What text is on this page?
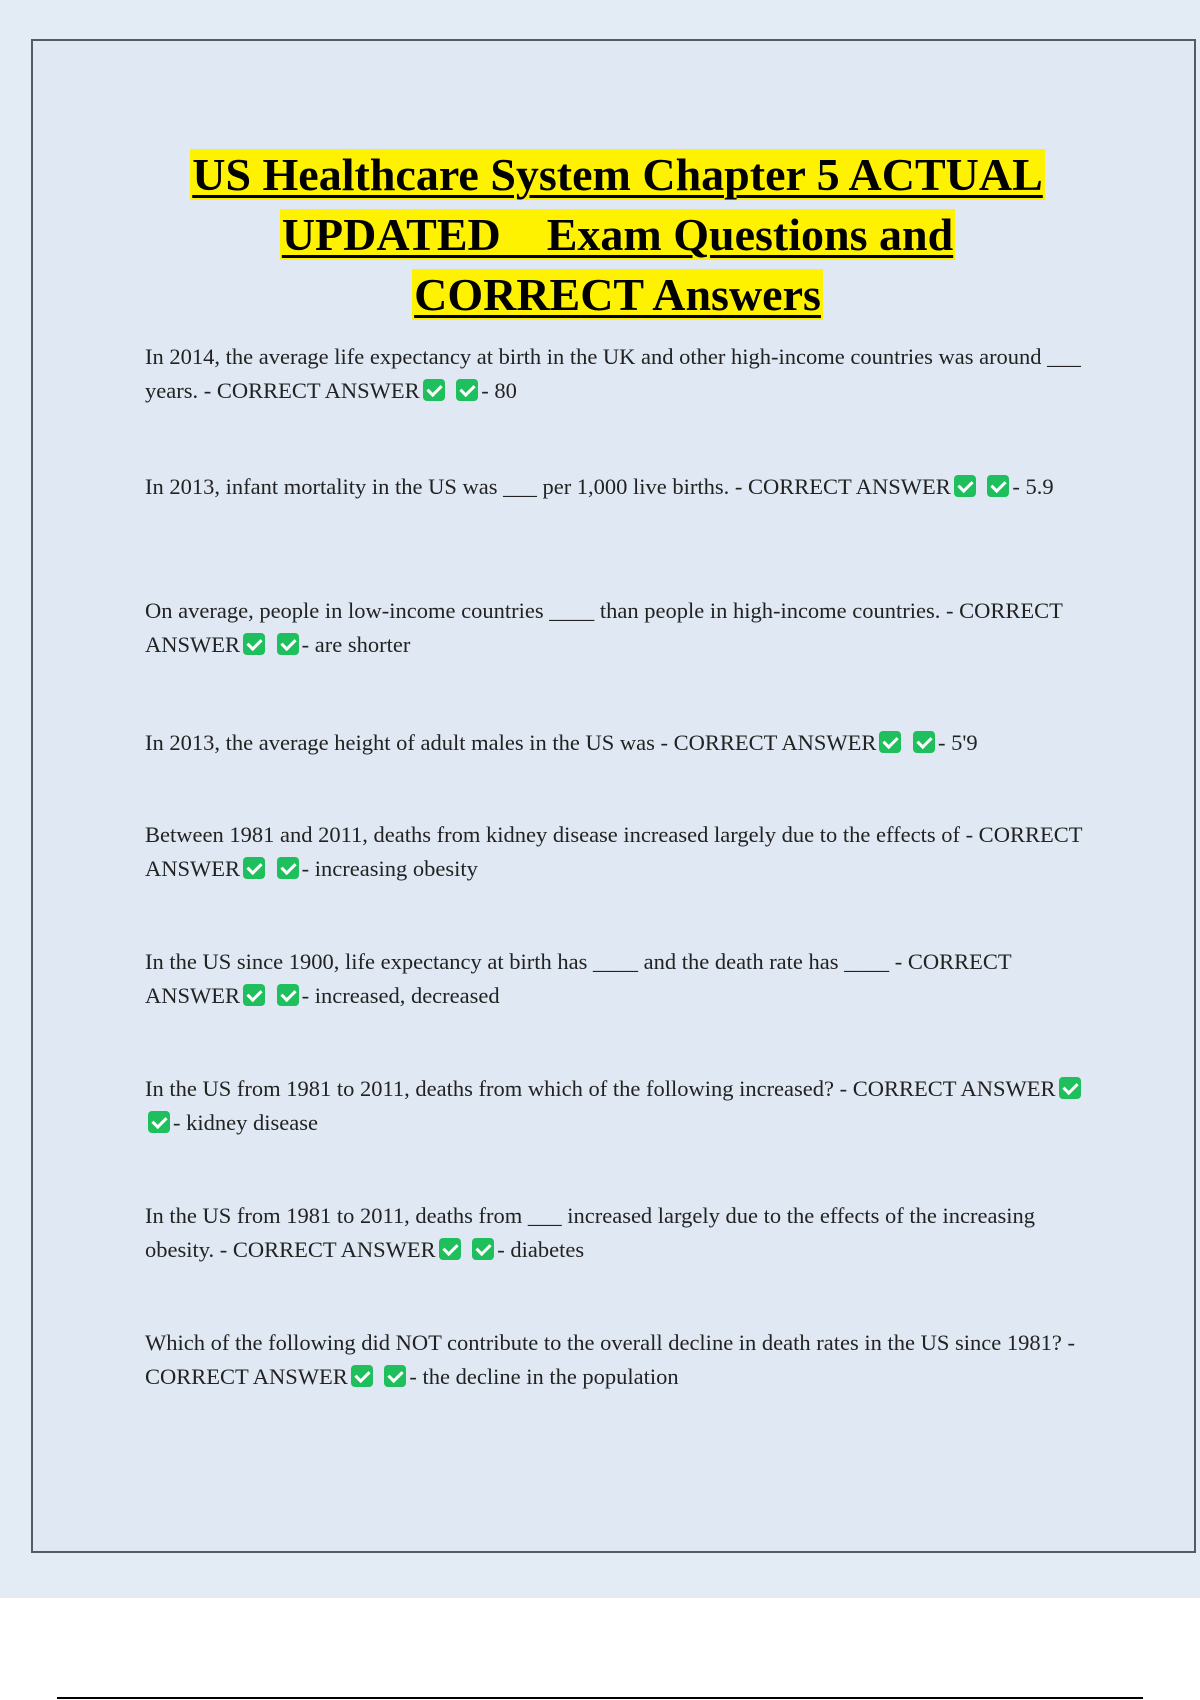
US Healthcare System Chapter 5 ACTUAL
UPDATED    Exam Questions and
CORRECT Answers
In 2014, the average life expectancy at birth in the UK and other high-income countries was around ___ years. - CORRECT ANSWER	- 80
In 2013, infant mortality in the US was ___ per 1,000 live births. - CORRECT ANSWER	- 5.9
On average, people in low-income countries ____ than people in high-income countries. - CORRECT ANSWER	- are shorter
In 2013, the average height of adult males in the US was - CORRECT ANSWER	- 5'9
Between 1981 and 2011, deaths from kidney disease increased largely due to the effects of - CORRECT ANSWER	- increasing obesity
In the US since 1900, life expectancy at birth has ____ and the death rate has ____ - CORRECT ANSWER	- increased, decreased
In the US from 1981 to 2011, deaths from which of the following increased? - CORRECT ANSWER - kidney disease
In the US from 1981 to 2011, deaths from ___ increased largely due to the effects of the increasing obesity. - CORRECT ANSWER	- diabetes
Which of the following did NOT contribute to the overall decline in death rates in the US since 1981? - CORRECT ANSWER	- the decline in the population
